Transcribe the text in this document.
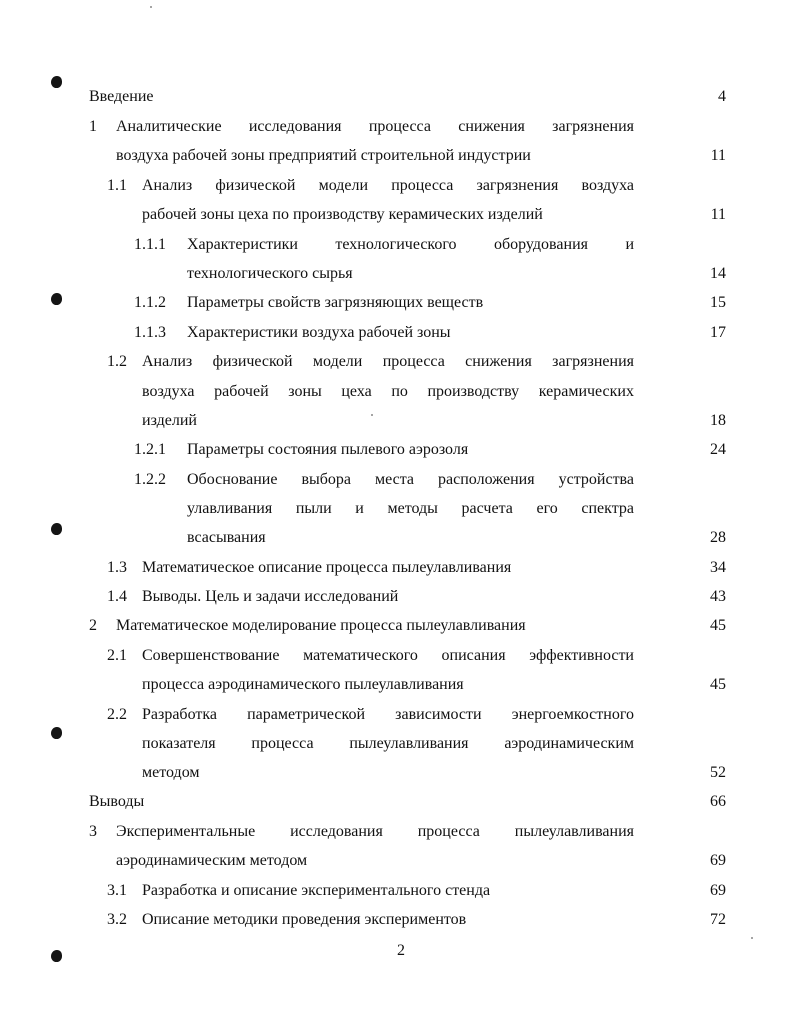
Введение	4
1 Аналитические исследования процесса снижения загрязнения
воздуха рабочей зоны предприятий строительной индустрии	11
1.1 Анализ физической модели процесса загрязнения воздуха
рабочей зоны цеха по производству керамических изделий	11
1.1.1 Характеристики технологического оборудования и
технологического сырья	14
1.1.2 Параметры свойств загрязняющих веществ	15
1.1.3 Характеристики воздуха рабочей зоны	17
1.2 Анализ физической модели процесса снижения загрязнения
воздуха рабочей зоны цеха по производству керамических
изделий	18
1.2.1 Параметры состояния пылевого аэрозоля	24
1.2.2 Обоснование выбора места расположения устройства
улавливания пыли и методы расчета его спектра
всасывания	28
1.3 Математическое описание процесса пылеулавливания	34
1.4 Выводы. Цель и задачи исследований	43
2 Математическое моделирование процесса пылеулавливания	45
2.1 Совершенствование математического описания эффективности
процесса аэродинамического пылеулавливания	45
2.2 Разработка параметрической зависимости энергоемкостного
показателя процесса пылеулавливания аэродинамическим
методом	52
Выводы	66
3 Экспериментальные исследования процесса пылеулавливания
аэродинамическим методом	69
3.1 Разработка и описание экспериментального стенда	69
3.2 Описание методики проведения экспериментов	72
2
